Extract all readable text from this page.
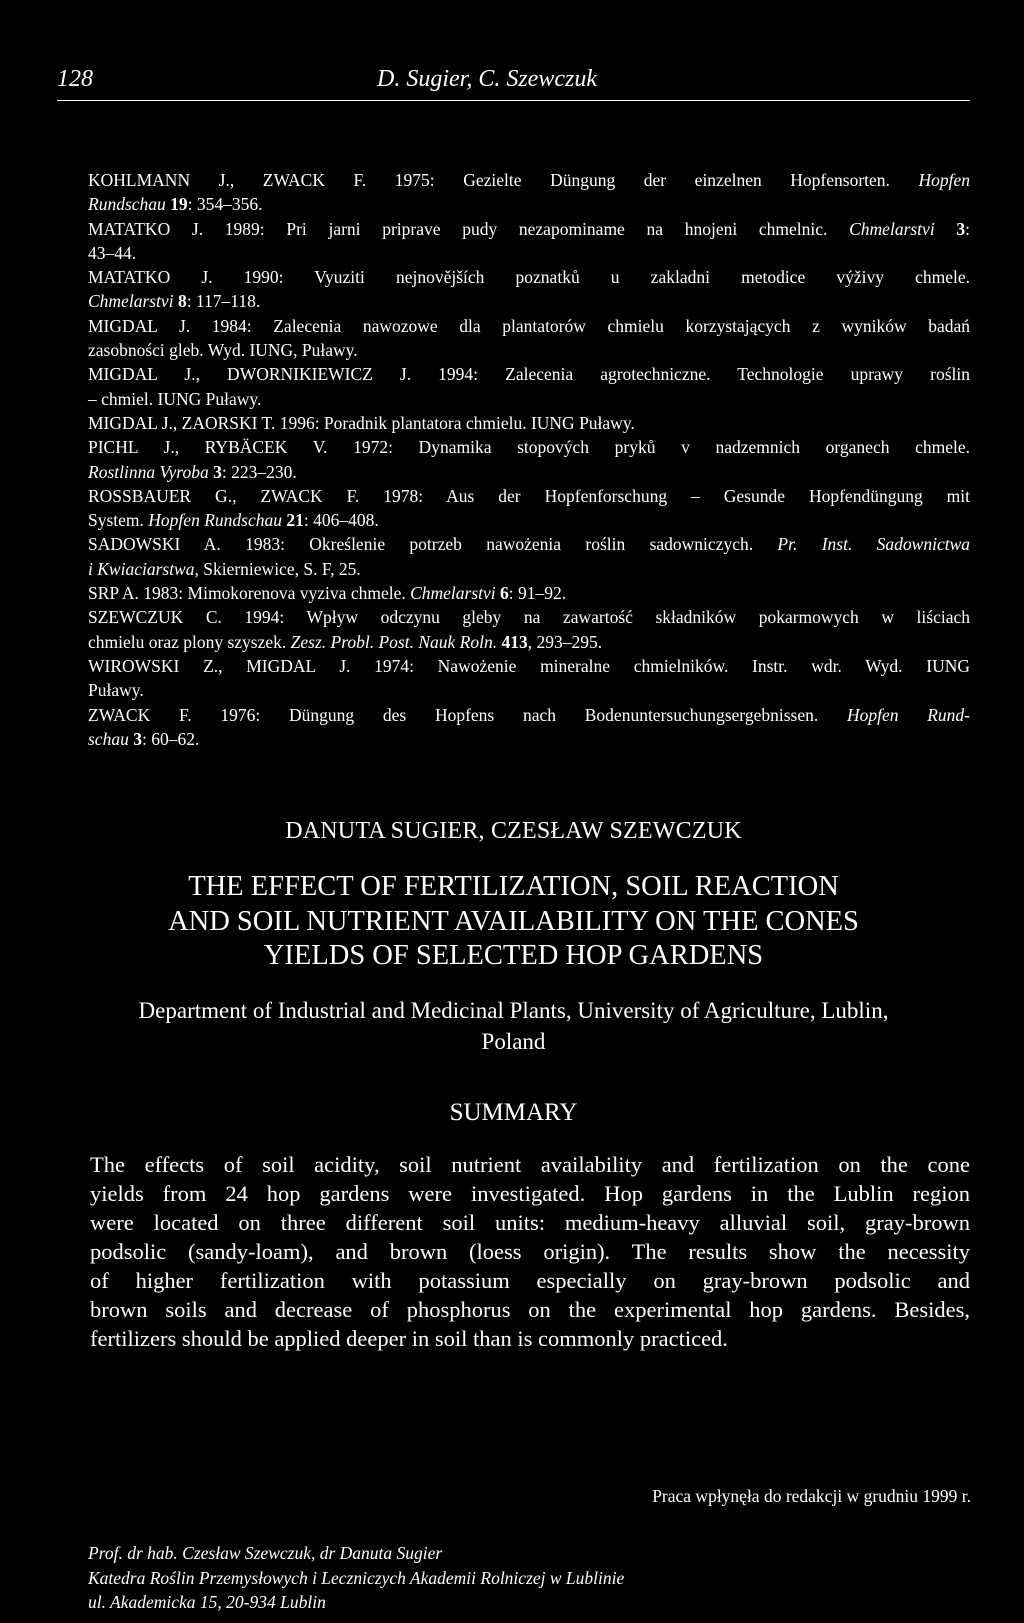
128	D. Sugier, C. Szewczuk
KOHLMANN J., ZWACK F. 1975: Gezielte Düngung der einzelnen Hopfensorten. Hopfen
Rundschau 19: 354–356.
MATATKO J. 1989: Pri jarni priprave pudy nezapominame na hnojeni chmelnic. Chmelarstvi 3:
43–44.
MATATKO J. 1990: Vyuziti nejnovějších poznatků u zakladni metodice výživy chmele.
Chmelarstvi 8: 117–118.
MIGDAL J. 1984: Zalecenia nawozowe dla plantatorów chmielu korzystających z wyników badań
zasobności gleb. Wyd. IUNG, Puławy.
MIGDAL J., DWORNIKIEWICZ J. 1994: Zalecenia agrotechniczne. Technologie uprawy roślin
– chmiel. IUNG Puławy.
MIGDAL J., ZAORSKI T. 1996: Poradnik plantatora chmielu. IUNG Puławy.
PICHL J., RYBÄCEK V. 1972: Dynamika stopových pryků v nadzemnich organech chmele.
Rostlinna Vyroba 3: 223–230.
ROSSBAUER G., ZWACK F. 1978: Aus der Hopfenforschung – Gesunde Hopfendüngung mit
System. Hopfen Rundschau 21: 406–408.
SADOWSKI A. 1983: Określenie potrzeb nawożenia roślin sadowniczych. Pr. Inst. Sadownictwa
i Kwiaciarstwa, Skierniewice, S. F, 25.
SRP A. 1983: Mimokorenova vyziva chmele. Chmelarstvi 6: 91–92.
SZEWCZUK C. 1994: Wpływ odczynu gleby na zawartość składników pokarmowych w liściach
chmielu oraz plony szyszek. Zesz. Probl. Post. Nauk Roln. 413, 293–295.
WIROWSKI Z., MIGDAL J. 1974: Nawożenie mineralne chmielników. Instr. wdr. Wyd. IUNG
Puławy.
ZWACK F. 1976: Düngung des Hopfens nach Bodenuntersuchungsergebnissen. Hopfen Rund-
schau 3: 60–62.
DANUTA SUGIER, CZESŁAW SZEWCZUK
THE EFFECT OF FERTILIZATION, SOIL REACTION
AND SOIL NUTRIENT AVAILABILITY ON THE CONES
YIELDS OF SELECTED HOP GARDENS
Department of Industrial and Medicinal Plants, University of Agriculture, Lublin,
Poland
SUMMARY
The effects of soil acidity, soil nutrient availability and fertilization on the cone
yields from 24 hop gardens were investigated. Hop gardens in the Lublin region
were located on three different soil units: medium-heavy alluvial soil, gray-brown
podsolic (sandy-loam), and brown (loess origin). The results show the necessity
of higher fertilization with potassium especially on gray-brown podsolic and
brown soils and decrease of phosphorus on the experimental hop gardens. Besides,
fertilizers should be applied deeper in soil than is commonly practiced.
Praca wpłynęła do redakcji w grudniu 1999 r.
Prof. dr hab. Czesław Szewczuk, dr Danuta Sugier
Katedra Roślin Przemysłowych i Leczniczych Akademii Rolniczej w Lublinie
ul. Akademicka 15, 20-934 Lublin
